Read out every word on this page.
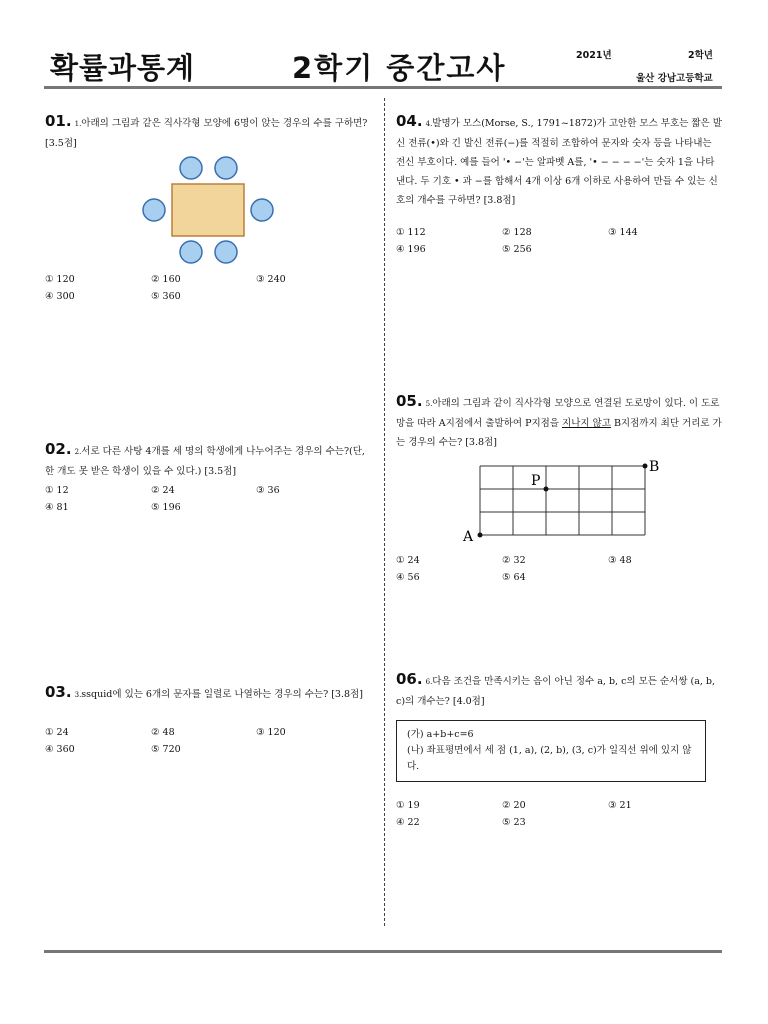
확률과통계	2학기 중간고사	2021년	2학년
울산 강남고등학교
01. 1.아래의 그림과 같은 직사각형 모양에 6명이 앉는 경우의 수를 구하면? [3.5점]
① 120	② 160	③ 240
④ 300	⑤ 360
02. 2.서로 다른 사탕 4개를 세 명의 학생에게 나누어주는 경우의 수는?(단, 한 개도 못 받은 학생이 있을 수 있다.) [3.5점]
① 12	② 24	③ 36
④ 81	⑤ 196
03. 3.ssquid에 있는 6개의 문자를 일렬로 나열하는 경우의 수는? [3.8점]
① 24	② 48	③ 120
④ 360	⑤ 720
04. 4.발명가 모스(Morse, S., 1791~1872)가 고안한 모스 부호는 짧은 발신 전류(•)와 긴 발신 전류(−)를 적절히 조합하여 문자와 숫자 등을 나타내는 전신 부호이다. 예를 들어 '• −'는 알파벳 A를, '• − − − −'는 숫자 1을 나타낸다. 두 기호 • 과 −를 합해서 4개 이상 6개 이하로 사용하여 만들 수 있는 신호의 개수를 구하면? [3.8점]
① 112	② 128	③ 144
④ 196	⑤ 256
05. 5.아래의 그림과 같이 직사각형 모양으로 연결된 도로망이 있다. 이 도로망을 따라 A지점에서 출발하여 P지점을 지나지 않고 B지점까지 최단 거리로 가는 경우의 수는? [3.8점]
A
P
B
① 24	② 32	③ 48
④ 56	⑤ 64
06. 6.다음 조건을 만족시키는 음이 아닌 정수 a, b, c의 모든 순서쌍 (a, b, c)의 개수는? [4.0점]
(가) a+b+c=6
(나) 좌표평면에서 세 점 (1, a), (2, b), (3, c)가 일직선 위에 있지 않다.
① 19	② 20	③ 21
④ 22	⑤ 23
